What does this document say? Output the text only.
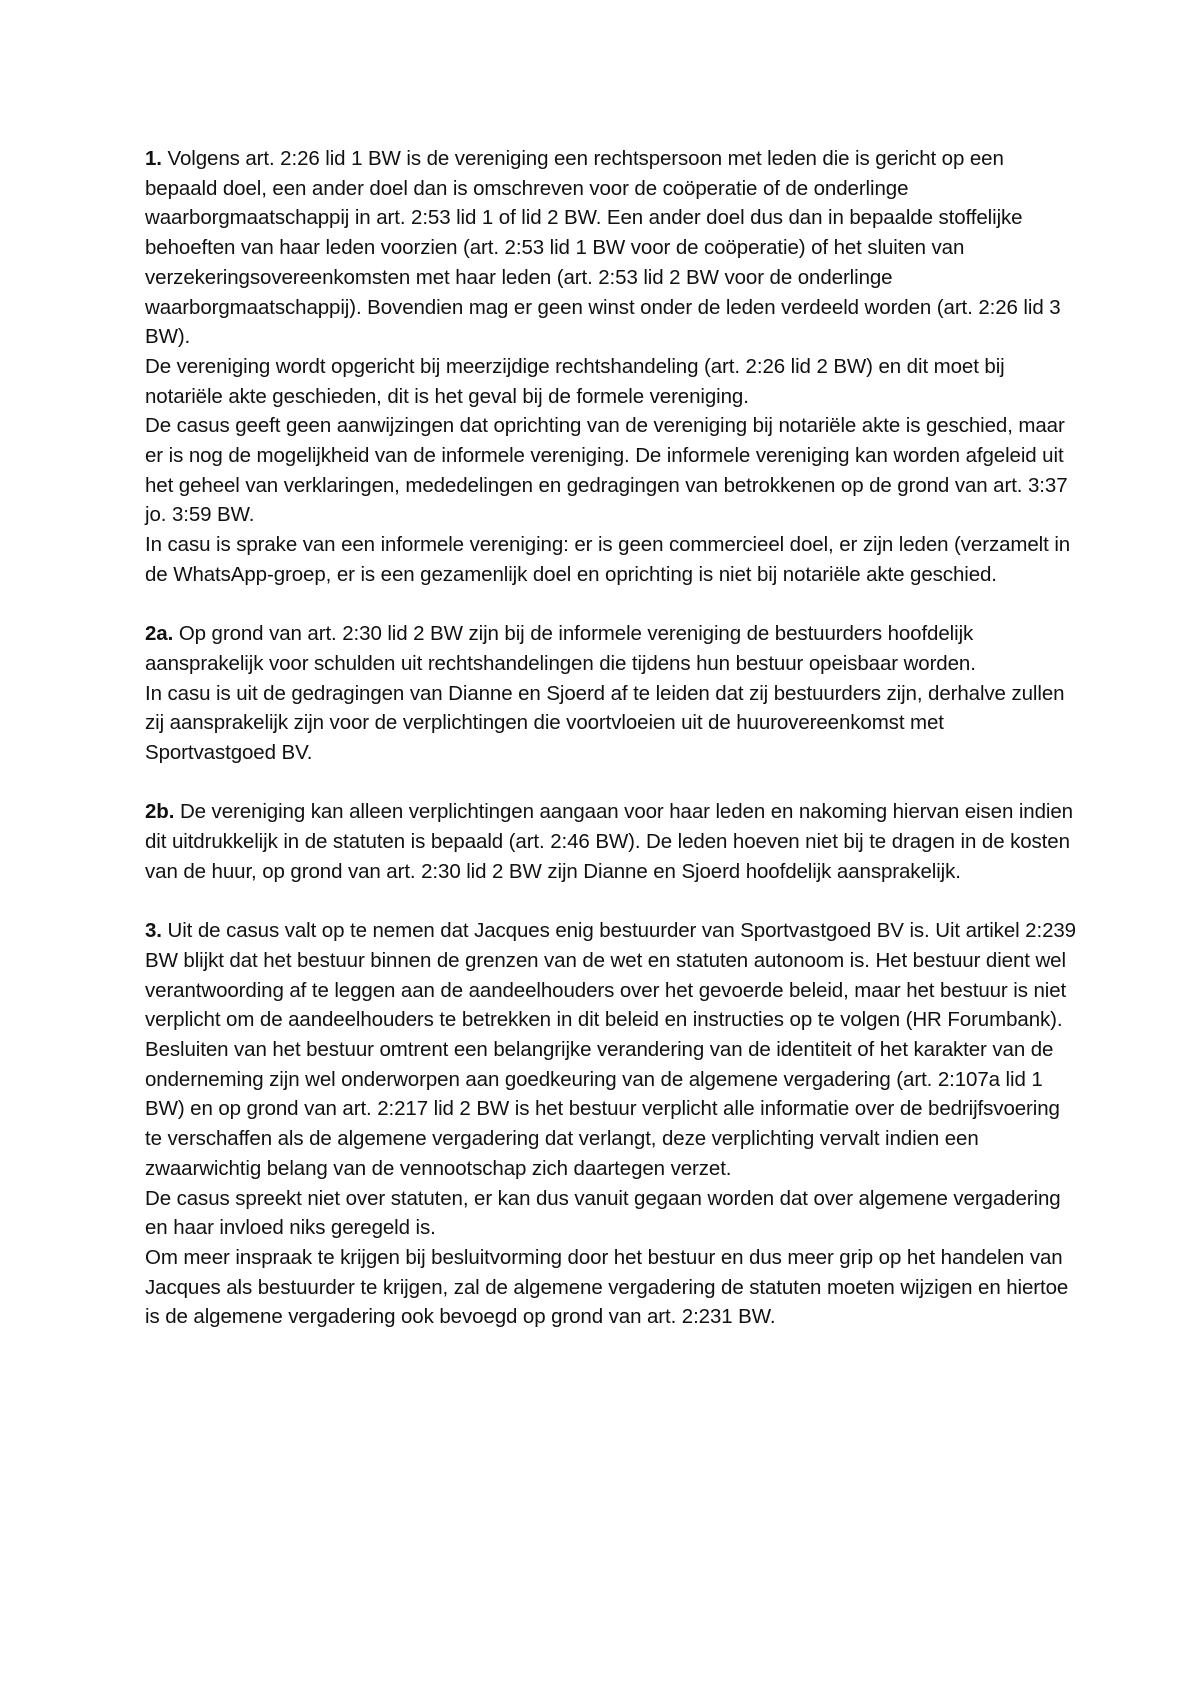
1. Volgens art. 2:26 lid 1 BW is de vereniging een rechtspersoon met leden die is gericht op een bepaald doel, een ander doel dan is omschreven voor de coöperatie of de onderlinge waarborgmaatschappij in art. 2:53 lid 1 of lid 2 BW. Een ander doel dus dan in bepaalde stoffelijke behoeften van haar leden voorzien (art. 2:53 lid 1 BW voor de coöperatie) of het sluiten van verzekeringsovereenkomsten met haar leden (art. 2:53 lid 2 BW voor de onderlinge waarborgmaatschappij). Bovendien mag er geen winst onder de leden verdeeld worden (art. 2:26 lid 3 BW).

De vereniging wordt opgericht bij meerzijdige rechtshandeling (art. 2:26 lid 2 BW) en dit moet bij notariële akte geschieden, dit is het geval bij de formele vereniging.

De casus geeft geen aanwijzingen dat oprichting van de vereniging bij notariële akte is geschied, maar er is nog de mogelijkheid van de informele vereniging. De informele vereniging kan worden afgeleid uit het geheel van verklaringen, mededelingen en gedragingen van betrokkenen op de grond van art. 3:37 jo. 3:59 BW.

In casu is sprake van een informele vereniging: er is geen commercieel doel, er zijn leden (verzamelt in de WhatsApp-groep, er is een gezamenlijk doel en oprichting is niet bij notariële akte geschied.

2a. Op grond van art. 2:30 lid 2 BW zijn bij de informele vereniging de bestuurders hoofdelijk aansprakelijk voor schulden uit rechtshandelingen die tijdens hun bestuur opeisbaar worden.

In casu is uit de gedragingen van Dianne en Sjoerd af te leiden dat zij bestuurders zijn, derhalve zullen zij aansprakelijk zijn voor de verplichtingen die voortvloeien uit de huurovereenkomst met Sportvastgoed BV.

2b. De vereniging kan alleen verplichtingen aangaan voor haar leden en nakoming hiervan eisen indien dit uitdrukkelijk in de statuten is bepaald (art. 2:46 BW). De leden hoeven niet bij te dragen in de kosten van de huur, op grond van art. 2:30 lid 2 BW zijn Dianne en Sjoerd hoofdelijk aansprakelijk.

3. Uit de casus valt op te nemen dat Jacques enig bestuurder van Sportvastgoed BV is. Uit artikel 2:239 BW blijkt dat het bestuur binnen de grenzen van de wet en statuten autonoom is. Het bestuur dient wel verantwoording af te leggen aan de aandeelhouders over het gevoerde beleid, maar het bestuur is niet verplicht om de aandeelhouders te betrekken in dit beleid en instructies op te volgen (HR Forumbank).

Besluiten van het bestuur omtrent een belangrijke verandering van de identiteit of het karakter van de onderneming zijn wel onderworpen aan goedkeuring van de algemene vergadering (art. 2:107a lid 1 BW) en op grond van art. 2:217 lid 2 BW is het bestuur verplicht alle informatie over de bedrijfsvoering te verschaffen als de algemene vergadering dat verlangt, deze verplichting vervalt indien een zwaarwichtig belang van de vennootschap zich daartegen verzet.

De casus spreekt niet over statuten, er kan dus vanuit gegaan worden dat over algemene vergadering en haar invloed niks geregeld is.

Om meer inspraak te krijgen bij besluitvorming door het bestuur en dus meer grip op het handelen van Jacques als bestuurder te krijgen, zal de algemene vergadering de statuten moeten wijzigen en hiertoe is de algemene vergadering ook bevoegd op grond van art. 2:231 BW.
